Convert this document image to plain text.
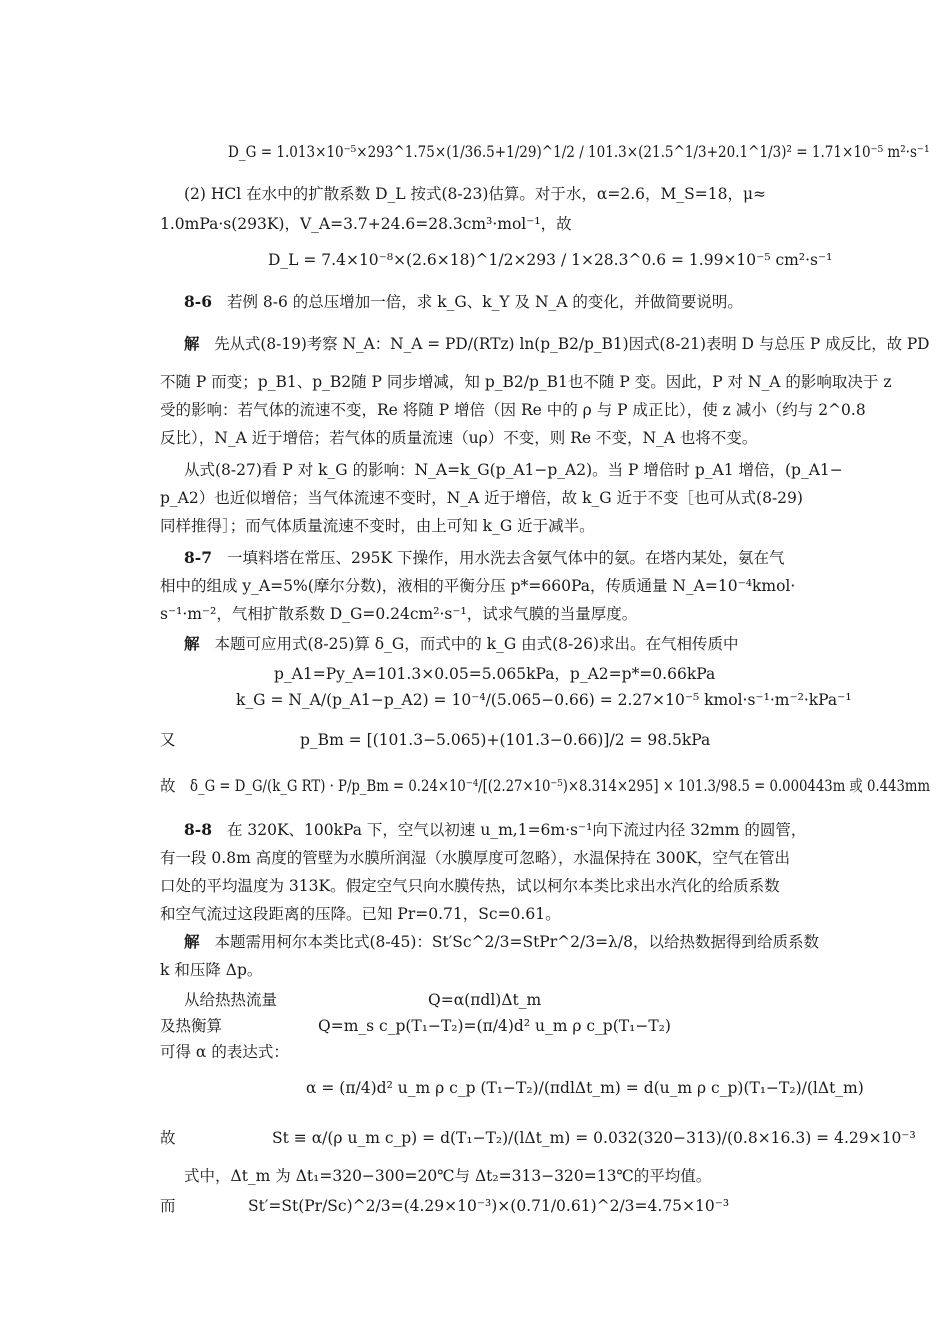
D_G = 1.013×10⁻⁵×293^1.75×(1/36.5+1/29)^1/2 / 101.3×(21.5^1/3+20.1^1/3)² = 1.71×10⁻⁵ m²·s⁻¹
(2) HCl 在水中的扩散系数 D_L 按式(8-23)估算。对于水，α=2.6，M_S=18，μ≈
1.0mPa·s(293K)，V_A=3.7+24.6=28.3cm³·mol⁻¹，故
D_L = 7.4×10⁻⁸×(2.6×18)^1/2×293 / 1×28.3^0.6 = 1.99×10⁻⁵ cm²·s⁻¹
8-6 若例 8-6 的总压增加一倍，求 k_G、k_Y 及 N_A 的变化，并做简要说明。
解 先从式(8-19)考察 N_A：N_A = PD/(RTz) ln(p_B2/p_B1)因式(8-21)表明 D 与总压 P 成反比，故 PD
不随 P 而变；p_B1、p_B2随 P 同步增减，知 p_B2/p_B1也不随 P 变。因此，P 对 N_A 的影响取决于 z
受的影响：若气体的流速不变，Re 将随 P 增倍（因 Re 中的 ρ 与 P 成正比），使 z 减小（约与 2^0.8
反比），N_A 近于增倍；若气体的质量流速（uρ）不变，则 Re 不变，N_A 也将不变。
从式(8-27)看 P 对 k_G 的影响：N_A=k_G(p_A1−p_A2)。当 P 增倍时 p_A1 增倍，(p_A1−
p_A2）也近似增倍；当气体流速不变时，N_A 近于增倍，故 k_G 近于不变［也可从式(8-29)
同样推得］；而气体质量流速不变时，由上可知 k_G 近于减半。
8-7 一填料塔在常压、295K 下操作，用水洗去含氨气体中的氨。在塔内某处，氨在气
相中的组成 y_A=5%(摩尔分数)，液相的平衡分压 p*=660Pa，传质通量 N_A=10⁻⁴kmol·
s⁻¹·m⁻²，气相扩散系数 D_G=0.24cm²·s⁻¹，试求气膜的当量厚度。
解 本题可应用式(8-25)算 δ_G，而式中的 k_G 由式(8-26)求出。在气相传质中
p_A1=Py_A=101.3×0.05=5.065kPa，p_A2=p*=0.66kPa
k_G = N_A/(p_A1−p_A2) = 10⁻⁴/(5.065−0.66) = 2.27×10⁻⁵ kmol·s⁻¹·m⁻²·kPa⁻¹
又	p_Bm = [(101.3−5.065)+(101.3−0.66)]/2 = 98.5kPa
故 δ_G = D_G/(k_G RT) · P/p_Bm = 0.24×10⁻⁴/[(2.27×10⁻⁵)×8.314×295] × 101.3/98.5 = 0.000443m 或 0.443mm
8-8 在 320K、100kPa 下，空气以初速 u_m,1=6m·s⁻¹向下流过内径 32mm 的圆管，
有一段 0.8m 高度的管壁为水膜所润湿（水膜厚度可忽略），水温保持在 300K，空气在管出
口处的平均温度为 313K。假定空气只向水膜传热，试以柯尔本类比求出水汽化的给质系数
和空气流过这段距离的压降。已知 Pr=0.71，Sc=0.61。
解 本题需用柯尔本类比式(8-45)：St′Sc^2/3=StPr^2/3=λ/8，以给热数据得到给质系数
k 和压降 Δp。
从给热热流量	Q=α(πdl)Δt_m
及热衡算	Q=m_s c_p(T₁−T₂)=(π/4)d² u_m ρ c_p(T₁−T₂)
可得 α 的表达式：
α = (π/4)d² u_m ρ c_p (T₁−T₂)/(πdlΔt_m) = d(u_m ρ c_p)(T₁−T₂)/(lΔt_m)
故	St ≡ α/(ρ u_m c_p) = d(T₁−T₂)/(lΔt_m) = 0.032(320−313)/(0.8×16.3) = 4.29×10⁻³
式中，Δt_m 为 Δt₁=320−300=20℃与 Δt₂=313−320=13℃的平均值。
而	St′=St(Pr/Sc)^2/3=(4.29×10⁻³)×(0.71/0.61)^2/3=4.75×10⁻³
